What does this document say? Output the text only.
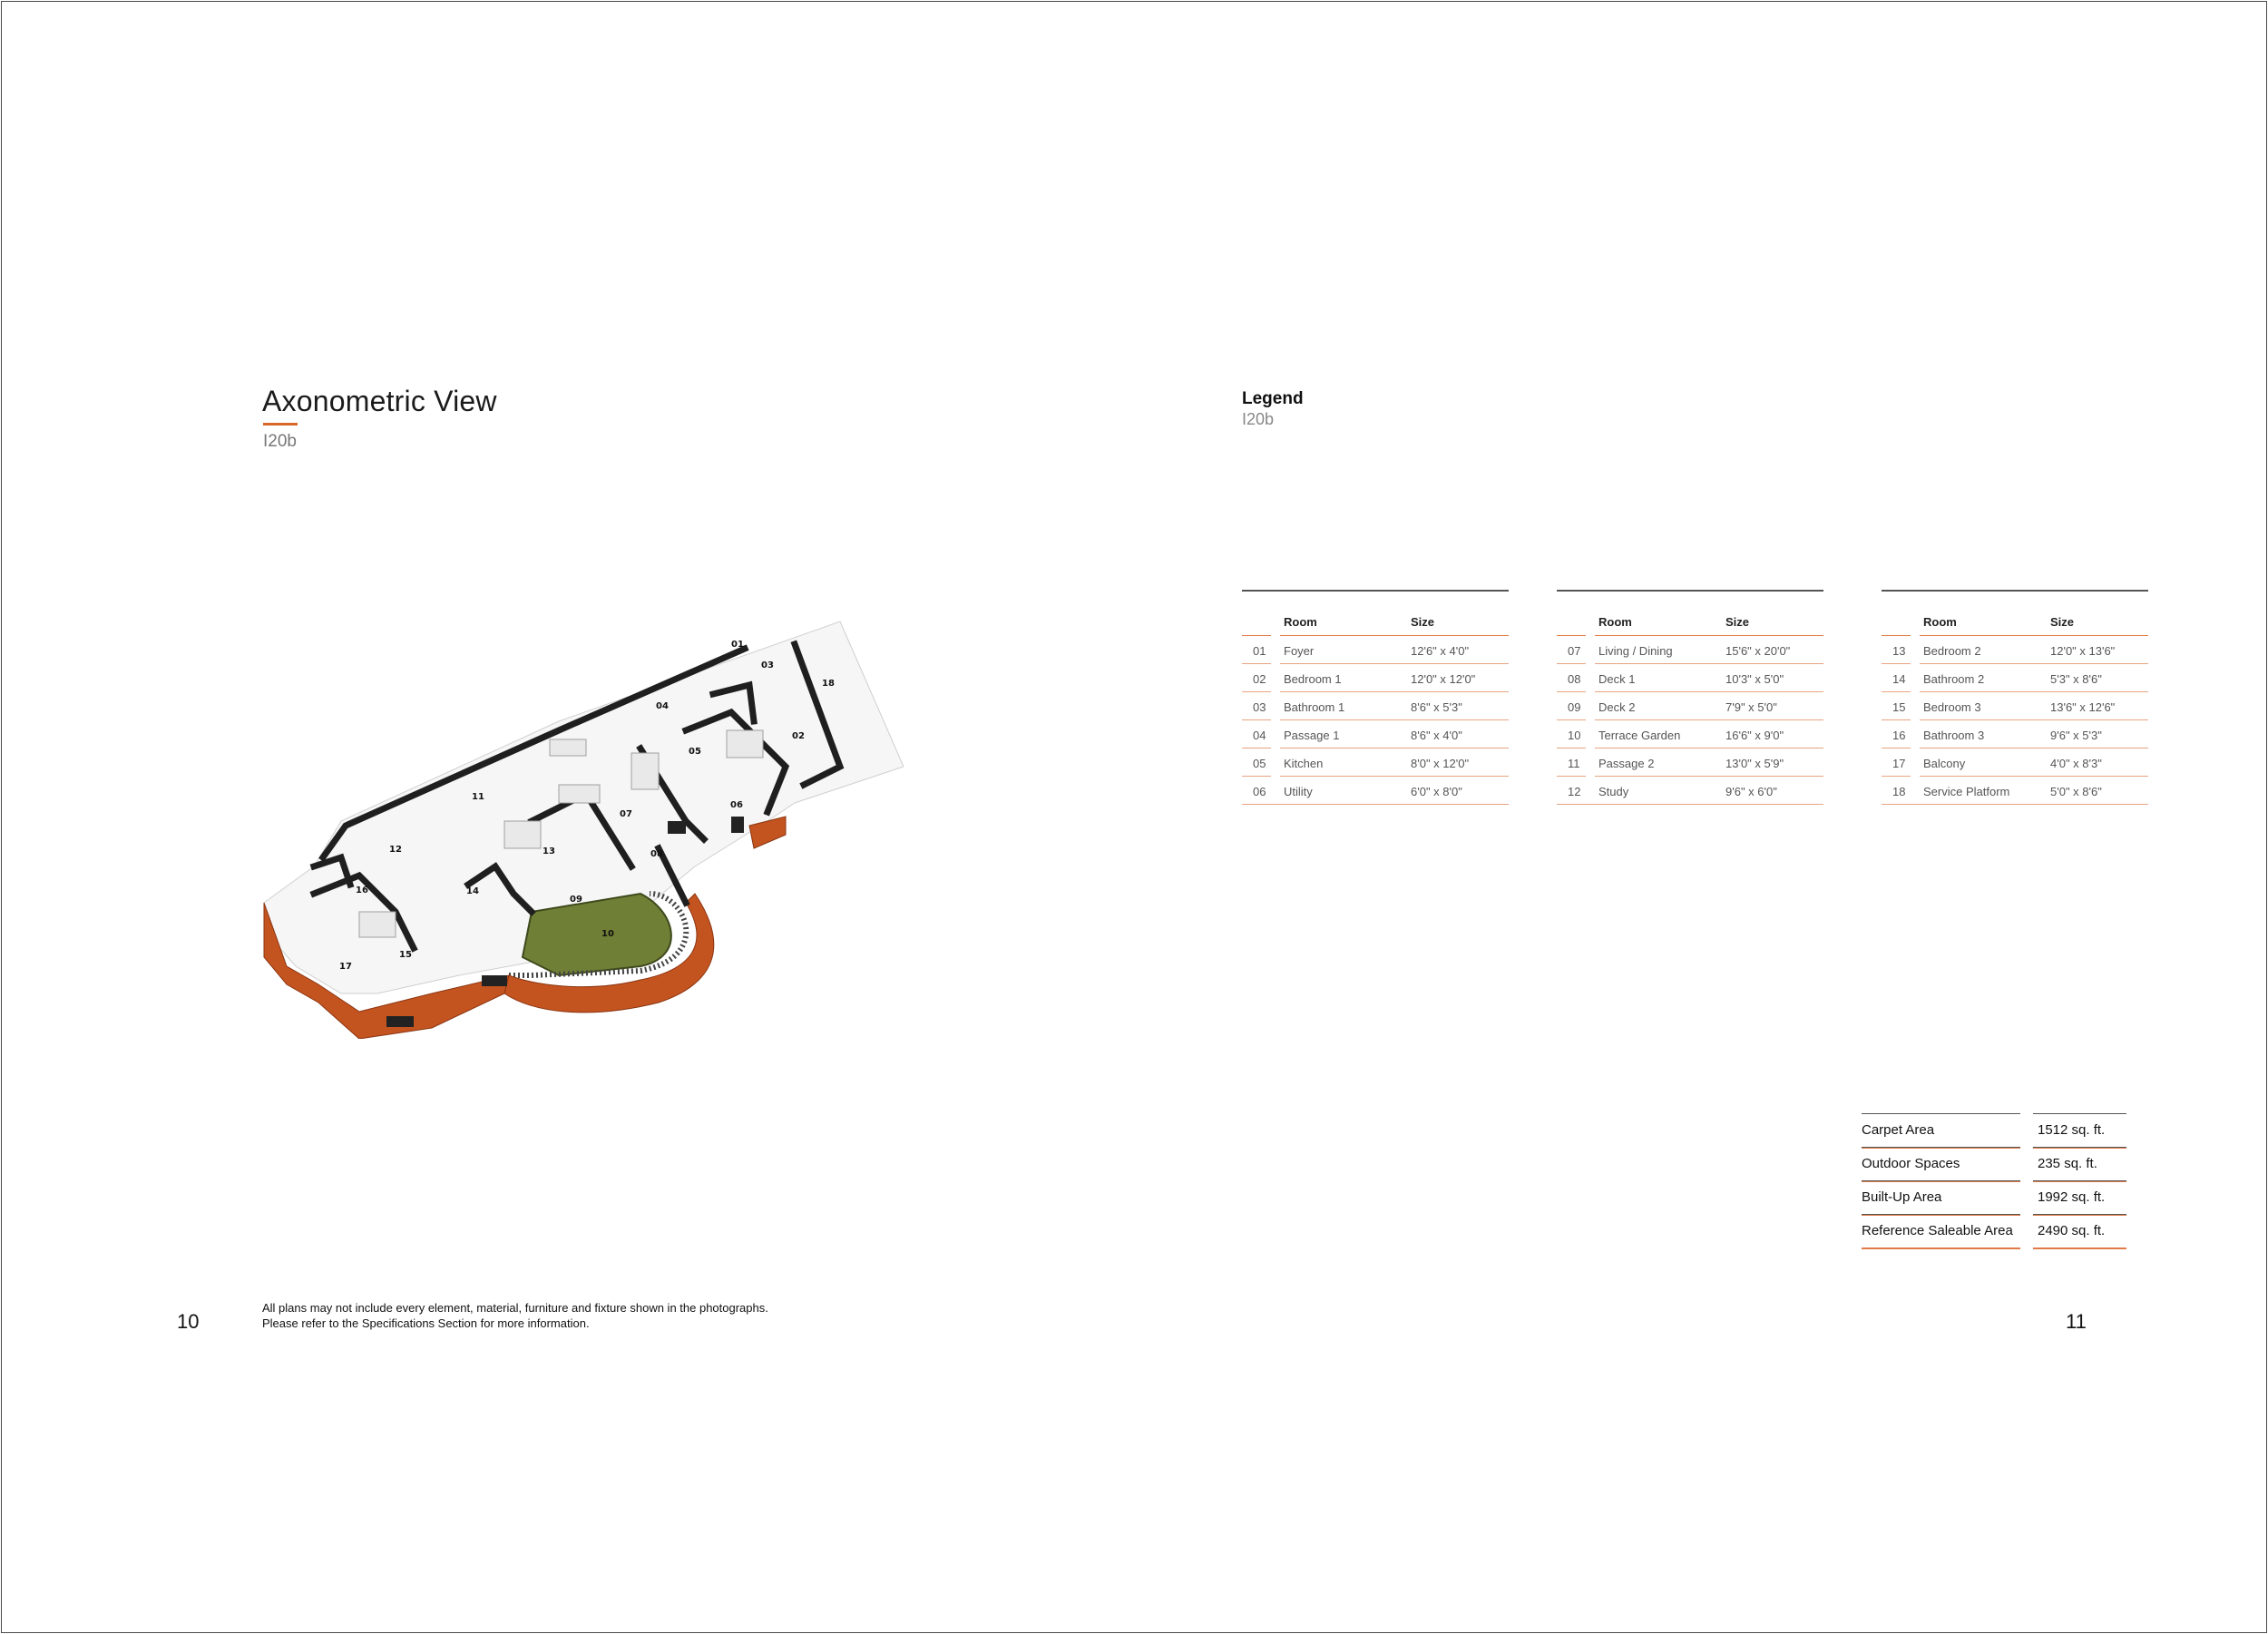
Axonometric View
I20b
01
02
03
04
05
06
07
08
09
10
11
12	13
14
15
16
17
18
10
All plans may not include every element, material, furniture and fixture shown in the photographs.
Please refer to the Specifications Section for more information.
Legend
I20b
Room	Size
01 Foyer	12'6" x 4'0"
02 Bedroom 1	12'0" x 12'0"
03 Bathroom 1	8'6" x 5'3"
04 Passage 1	8'6" x 4'0"
05 Kitchen	8'0" x 12'0"
06 Utility	6'0" x 8'0"
Room	Size
07 Living / Dining	15'6" x 20'0"
08 Deck 1	10'3" x 5'0"
09 Deck 2	7'9" x 5'0"
10 Terrace Garden	16'6" x 9'0"
11 Passage 2	13'0" x 5'9"
12 Study	9'6" x 6'0"
Room	Size
13 Bedroom 2	12'0" x 13'6"
14 Bathroom 2	5'3" x 8'6"
15 Bedroom 3	13'6" x 12'6"
16 Bathroom 3	9'6" x 5'3"
17 Balcony	4'0" x 8'3"
18 Service Platform	5'0" x 8'6"
Carpet Area	1512 sq. ft.
Outdoor Spaces	235 sq. ft.
Built-Up Area	1992 sq. ft.
Reference Saleable Area 2490 sq. ft.
11
